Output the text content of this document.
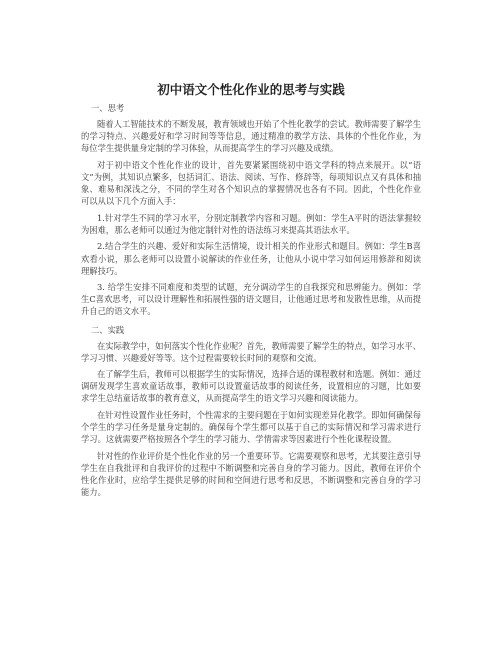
初中语文个性化作业的思考与实践

一、思考

随着人工智能技术的不断发展，教育领域也开始了个性化教学的尝试。教师需要了解学生的学习特点、兴趣爱好和学习时间等等信息，通过精准的教学方法、具体的个性化作业，为每位学生提供量身定制的学习体验，从而提高学生的学习兴趣及成绩。

对于初中语文个性化作业的设计，首先要紧紧围绕初中语文学科的特点来展开。以“语文”为例，其知识点繁多，包括词汇、语法、阅读、写作、修辞等，每项知识点又有具体和抽象、难易和深浅之分，不同的学生对各个知识点的掌握情况也各有不同。因此，个性化作业可以从以下几个方面入手：

1.针对学生不同的学习水平，分别定制教学内容和习题。例如：学生A平时的语法掌握较为困难，那么老师可以通过为他定制针对性的语法练习来提高其语法水平。

2.结合学生的兴趣、爱好和实际生活情境，设计相关的作业形式和题目。例如：学生B喜欢看小说，那么老师可以设置小说解读的作业任务，让他从小说中学习如何运用修辞和阅读理解技巧。

3. 给学生安排不同难度和类型的试题，充分调动学生的自我探究和思辨能力。例如：学生C喜欢思考，可以设计理解性和拓展性强的语文题目，让他通过思考和发散性思维，从而提升自己的语文水平。

二、实践

在实际教学中，如何落实个性化作业呢？首先，教师需要了解学生的特点，如学习水平、学习习惯、兴趣爱好等等。这个过程需要较长时间的观察和交流。

在了解学生后，教师可以根据学生的实际情况，选择合适的课程教材和选题。例如：通过调研发现学生喜欢童话故事，教师可以设置童话故事的阅读任务，设置相应的习题，比如要求学生总结童话故事的教育意义，从而提高学生的语文学习兴趣和阅读能力。

在针对性设置作业任务时，个性需求的主要问题在于如何实现差异化教学。即如何确保每个学生的学习任务是量身定制的。确保每个学生都可以基于自己的实际情况和学习需求进行学习。这就需要严格按照各个学生的学习能力、学情需求等因素进行个性化课程设置。

针对性的作业评价是个性化作业的另一个重要环节。它需要观察和思考，尤其要注意引导学生在自我批评和自我评价的过程中不断调整和完善自身的学习能力。因此，教师在评价个性化作业时，应给学生提供足够的时间和空间进行思考和反思，不断调整和完善自身的学习能力。
